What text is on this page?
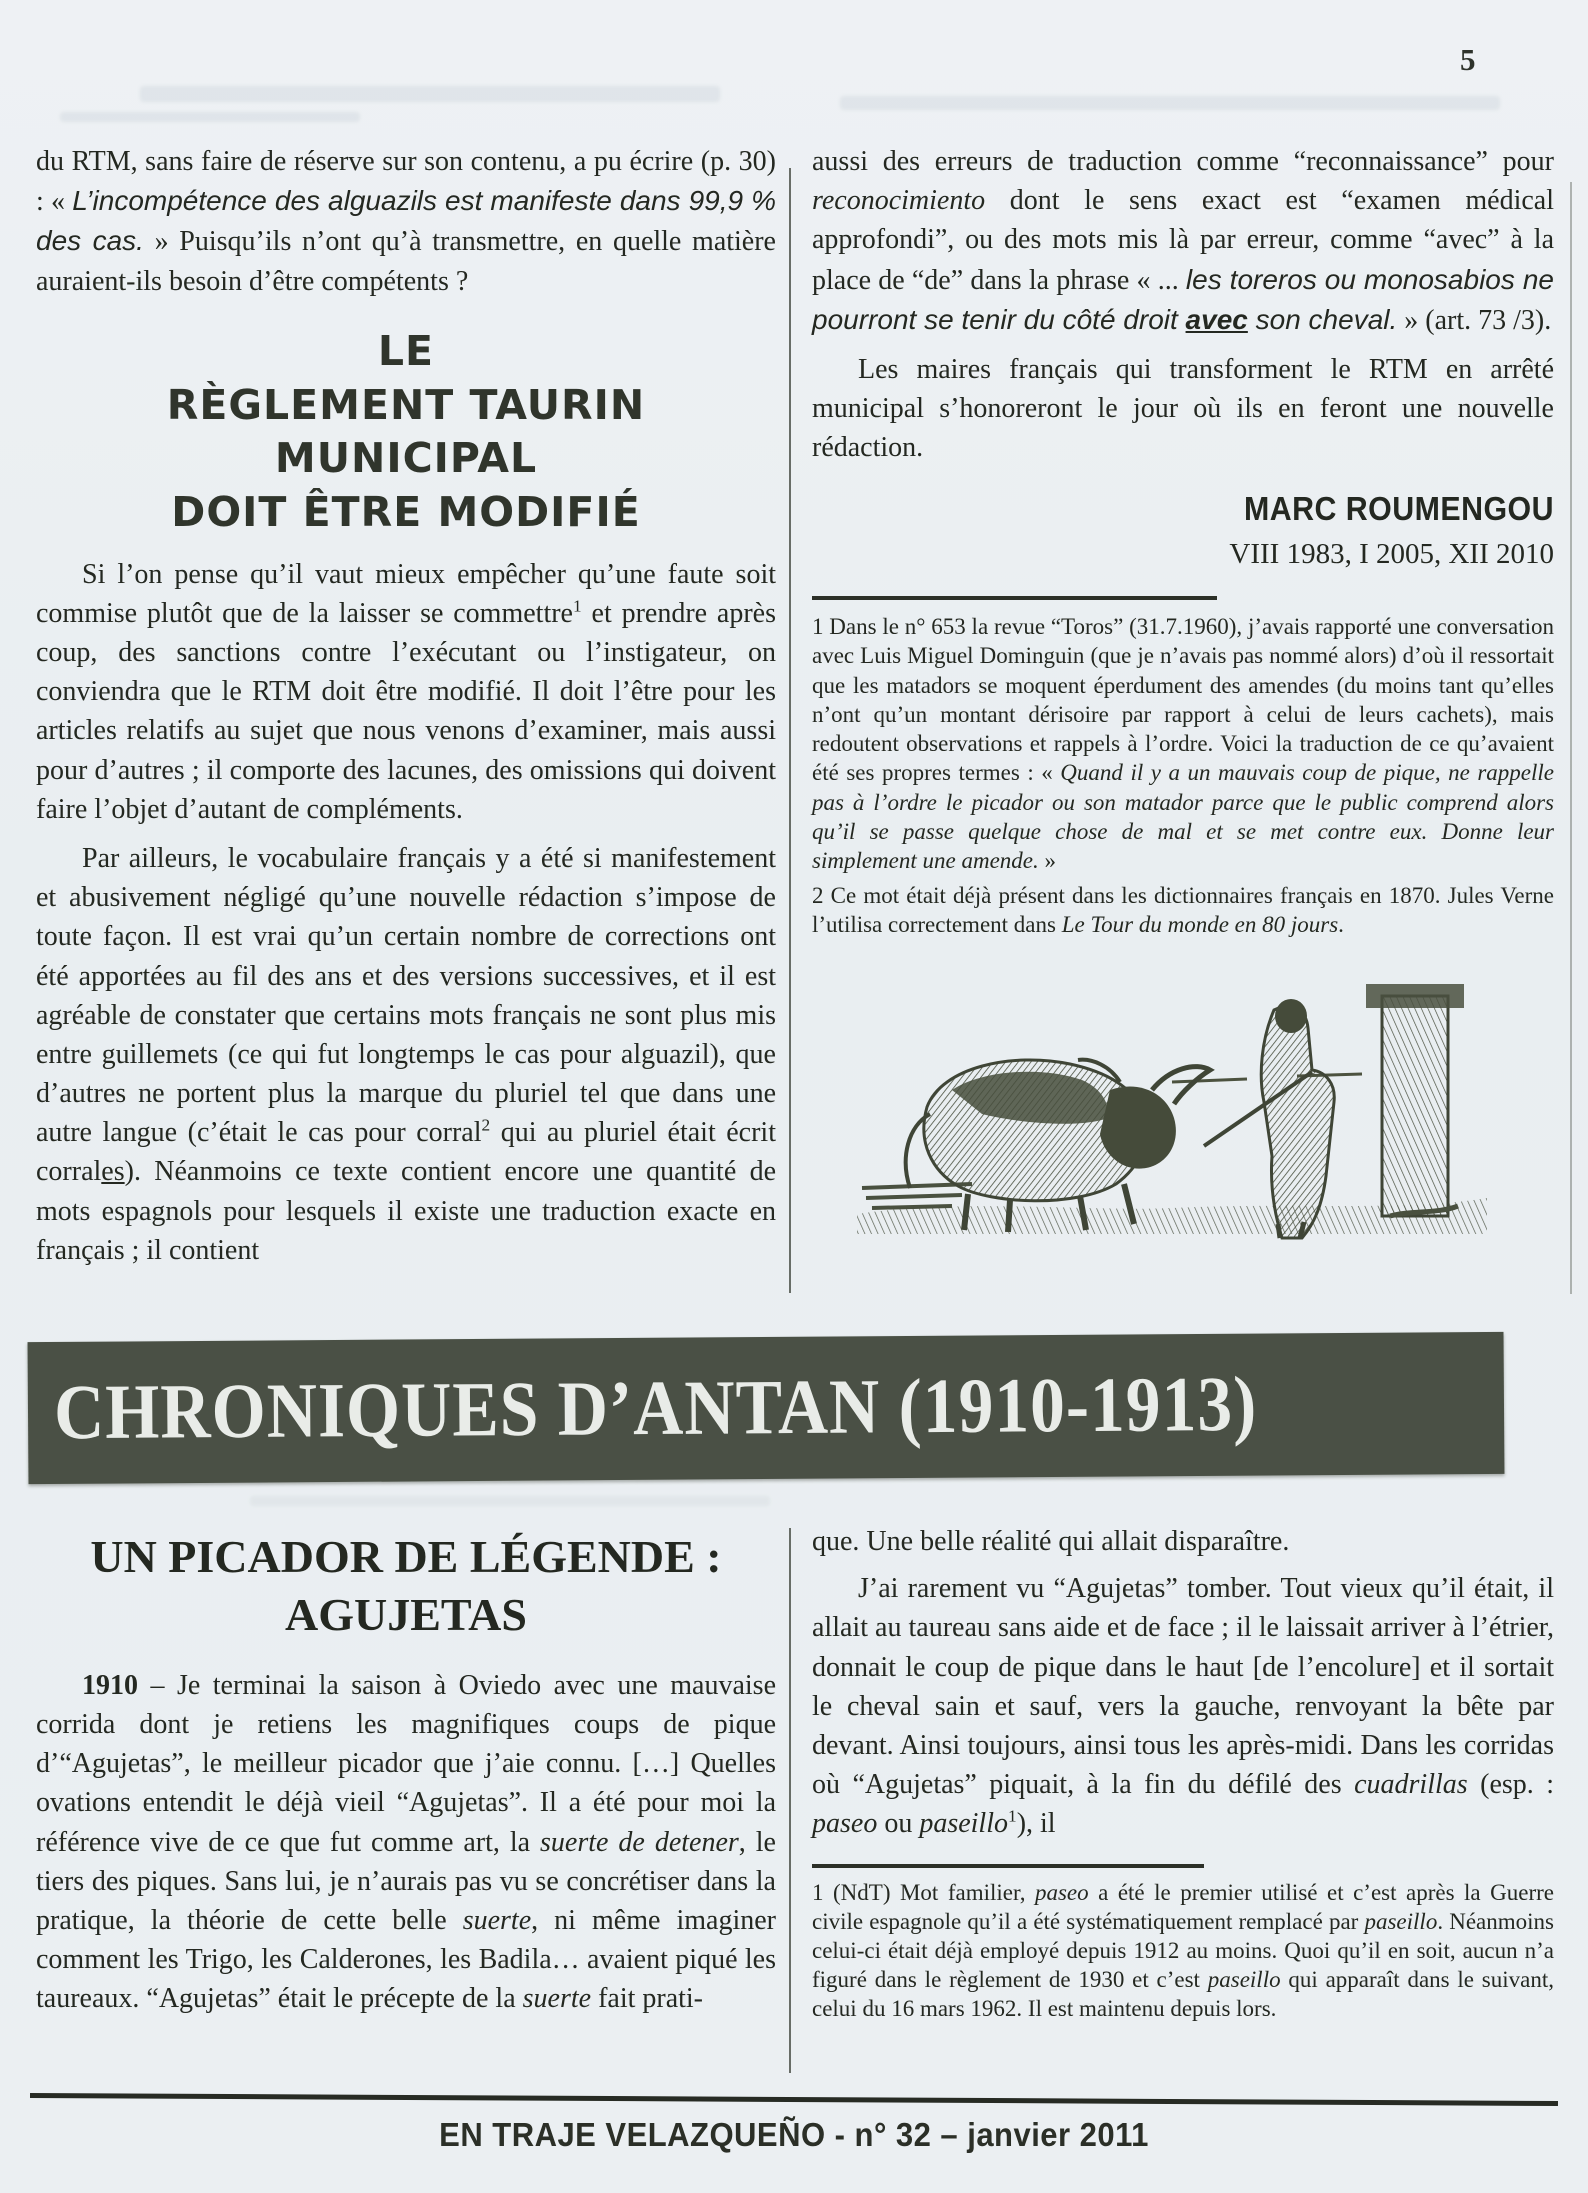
5

du RTM, sans faire de réserve sur son contenu, a pu écrire (p. 30) : « L’incompétence des alguazils est manifeste dans 99,9 % des cas. » Puisqu’ils n’ont qu’à transmettre, en quelle matière auraient-ils besoin d’être compétents ?

LE

RÈGLEMENT TAURIN MUNICIPAL

DOIT ÊTRE MODIFIÉ

Si l’on pense qu’il vaut mieux empêcher qu’une faute soit commise plutôt que de la laisser se commettre$^1$ et prendre après coup, des sanctions contre l’exécutant ou l’instigateur, on conviendra que le RTM doit être modifié. Il doit l’être pour les articles relatifs au sujet que nous venons d’examiner, mais aussi pour d’autres ; il comporte des lacunes, des omissions qui doivent faire l’objet d’autant de compléments.

Par ailleurs, le vocabulaire français y a été si manifestement et abusivement négligé qu’une nouvelle rédaction s’impose de toute façon. Il est vrai qu’un certain nombre de corrections ont été apportées au fil des ans et des versions successives, et il est agréable de constater que certains mots français ne sont plus mis entre guillemets (ce qui fut longtemps le cas pour alguazil), que d’autres ne portent plus la marque du pluriel tel que dans une autre langue (c’était le cas pour corral$^2$ qui au pluriel était écrit corrales). Néanmoins ce texte contient encore une quantité de mots espagnols pour lesquels il existe une traduction exacte en français ; il contient

aussi des erreurs de traduction comme “reconnaissance” pour reconocimiento dont le sens exact est “examen médical approfondi”, ou des mots mis là par erreur, comme “avec” à la place de “de” dans la phrase « ... les toreros ou monosabios ne pourront se tenir du côté droit avec son cheval. » (art. 73 /3).

Les maires français qui transforment le RTM en arrêté municipal s’honoreront le jour où ils en feront une nouvelle rédaction.

MARC ROUMENGOU

VIII 1983, I 2005, XII 2010

1 Dans le n° 653 la revue “Toros” (31.7.1960), j’avais rapporté une conversation avec Luis Miguel Dominguin (que je n’avais pas nommé alors) d’où il ressortait que les matadors se moquent éperdument des amendes (du moins tant qu’elles n’ont qu’un montant dérisoire par rapport à celui de leurs cachets), mais redoutent observations et rappels à l’ordre. Voici la traduction de ce qu’avaient été ses propres termes : « Quand il y a un mauvais coup de pique, ne rappelle pas à l’ordre le picador ou son matador parce que le public comprend alors qu’il se passe quelque chose de mal et se met contre eux. Donne leur simplement une amende. »

2 Ce mot était déjà présent dans les dictionnaires français en 1870. Jules Verne l’utilisa correctement dans Le Tour du monde en 80 jours.

CHRONIQUES D’ANTAN (1910-1913)

UN PICADOR DE LÉGENDE :

AGUJETAS

1910 – Je terminai la saison à Oviedo avec une mauvaise corrida dont je retiens les magnifiques coups de pique d’“Agujetas”, le meilleur picador que j’aie connu. […] Quelles ovations entendit le déjà vieil “Agujetas”. Il a été pour moi la référence vive de ce que fut comme art, la suerte de detener, le tiers des piques. Sans lui, je n’aurais pas vu se concrétiser dans la pratique, la théorie de cette belle suerte, ni même imaginer comment les Trigo, les Calderones, les Badila… avaient piqué les taureaux. “Agujetas” était le précepte de la suerte fait prati-

que. Une belle réalité qui allait disparaître.

J’ai rarement vu “Agujetas” tomber. Tout vieux qu’il était, il allait au taureau sans aide et de face ; il le laissait arriver à l’étrier, donnait le coup de pique dans le haut [de l’encolure] et il sortait le cheval sain et sauf, vers la gauche, renvoyant la bête par devant. Ainsi toujours, ainsi tous les après-midi. Dans les corridas où “Agujetas” piquait, à la fin du défilé des cuadrillas (esp. : paseo ou paseillo$^1$), il

1 (NdT) Mot familier, paseo a été le premier utilisé et c’est après la Guerre civile espagnole qu’il a été systématiquement remplacé par paseillo. Néanmoins celui-ci était déjà employé depuis 1912 au moins. Quoi qu’il en soit, aucun n’a figuré dans le règlement de 1930 et c’est paseillo qui apparaît dans le suivant, celui du 16 mars 1962. Il est maintenu depuis lors.

EN TRAJE VELAZQUEÑO - n° 32 – janvier 2011
